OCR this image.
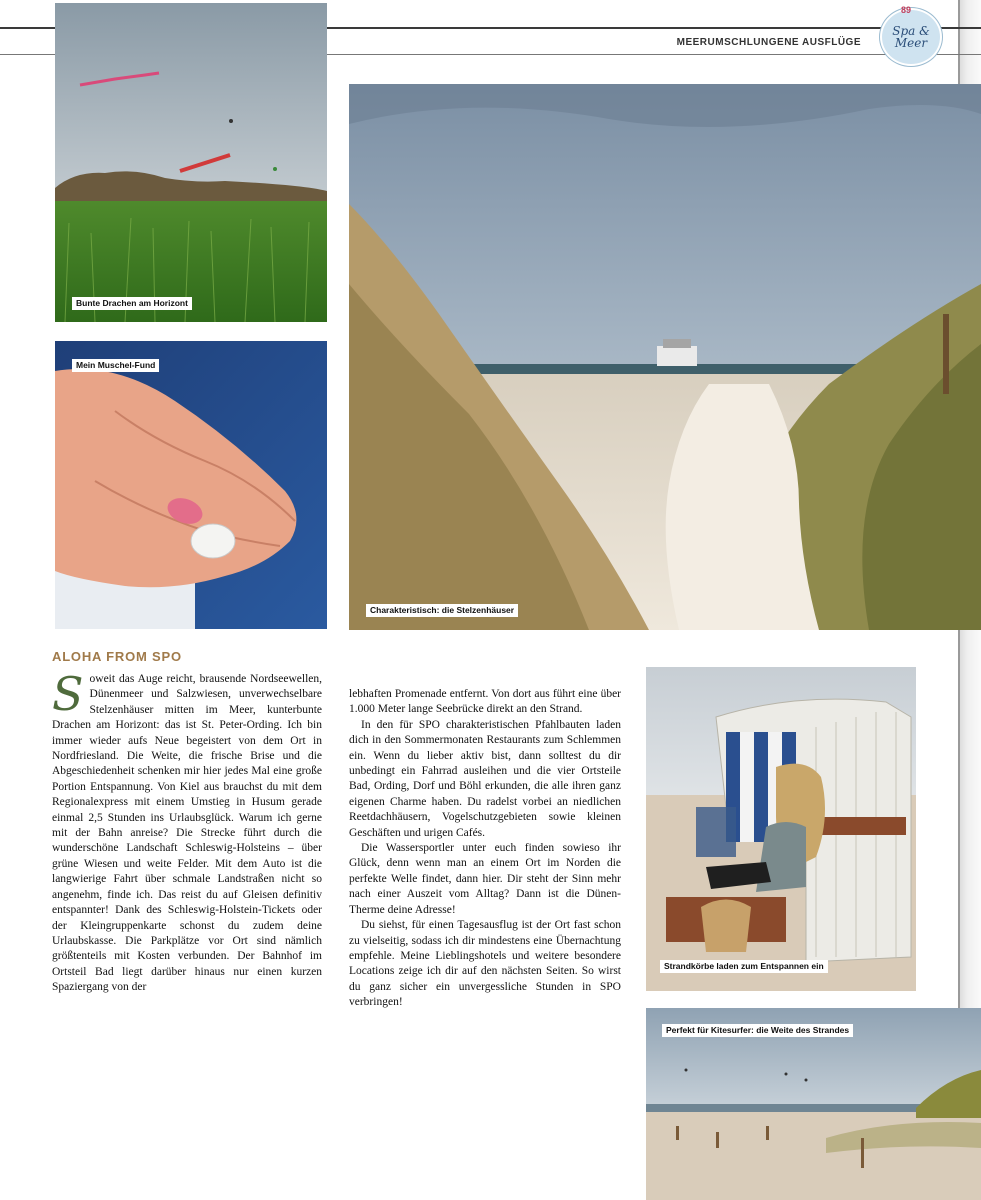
MEERUMSCHLUNGENE AUSFLÜGE
Spa &
Meer
89
Bunte Drachen am Horizont
Mein Muschel-Fund
Charakteristisch: die Stelzenhäuser
ALOHA FROM SPO

Soweit das Auge reicht, brausende Nordseewellen, Dünenmeer und Salzwiesen, unverwechselbare Stelzenhäuser mitten im Meer, kunterbunte Drachen am Horizont: das ist St. Peter-Ording. Ich bin immer wieder aufs Neue begeistert von dem Ort in Nordfriesland. Die Weite, die frische Brise und die Abgeschiedenheit schenken mir hier jedes Mal eine große Portion Entspannung. Von Kiel aus brauchst du mit dem Regionalexpress mit einem Umstieg in Husum gerade einmal 2,5 Stunden ins Urlaubsglück. Warum ich gerne mit der Bahn anreise? Die Strecke führt durch die wunderschöne Landschaft Schleswig-Holsteins – über grüne Wiesen und weite Felder. Mit dem Auto ist die langwierige Fahrt über schmale Landstraßen nicht so angenehm, finde ich. Das reist du auf Gleisen definitiv entspannter! Dank des Schleswig-Holstein-Tickets oder der Kleingruppenkarte schonst du zudem deine Urlaubskasse. Die Parkplätze vor Ort sind nämlich größtenteils mit Kosten verbunden. Der Bahnhof im Ortsteil Bad liegt darüber hinaus nur einen kurzen Spaziergang von der

lebhaften Promenade entfernt. Von dort aus führt eine über 1.000 Meter lange Seebrücke direkt an den Strand.

In den für SPO charakteristischen Pfahlbauten laden dich in den Sommermonaten Restaurants zum Schlemmen ein. Wenn du lieber aktiv bist, dann solltest du dir unbedingt ein Fahrrad ausleihen und die vier Ortsteile Bad, Ording, Dorf und Böhl erkunden, die alle ihren ganz eigenen Charme haben. Du radelst vorbei an niedlichen Reetdachhäusern, Vogelschutzgebieten sowie kleinen Geschäften und urigen Cafés.

Die Wassersportler unter euch finden sowieso ihr Glück, denn wenn man an einem Ort im Norden die perfekte Welle findet, dann hier. Dir steht der Sinn mehr nach einer Auszeit vom Alltag? Dann ist die Dünen-Therme deine Adresse!

Du siehst, für einen Tagesausflug ist der Ort fast schon zu vielseitig, sodass ich dir mindestens eine Übernachtung empfehle. Meine Lieblingshotels und weitere besondere Locations zeige ich dir auf den nächsten Seiten. So wirst du ganz sicher ein unvergessliche Stunden in SPO verbringen!

Strandkörbe laden zum Entspannen ein
Perfekt für Kitesurfer: die Weite des Strandes
